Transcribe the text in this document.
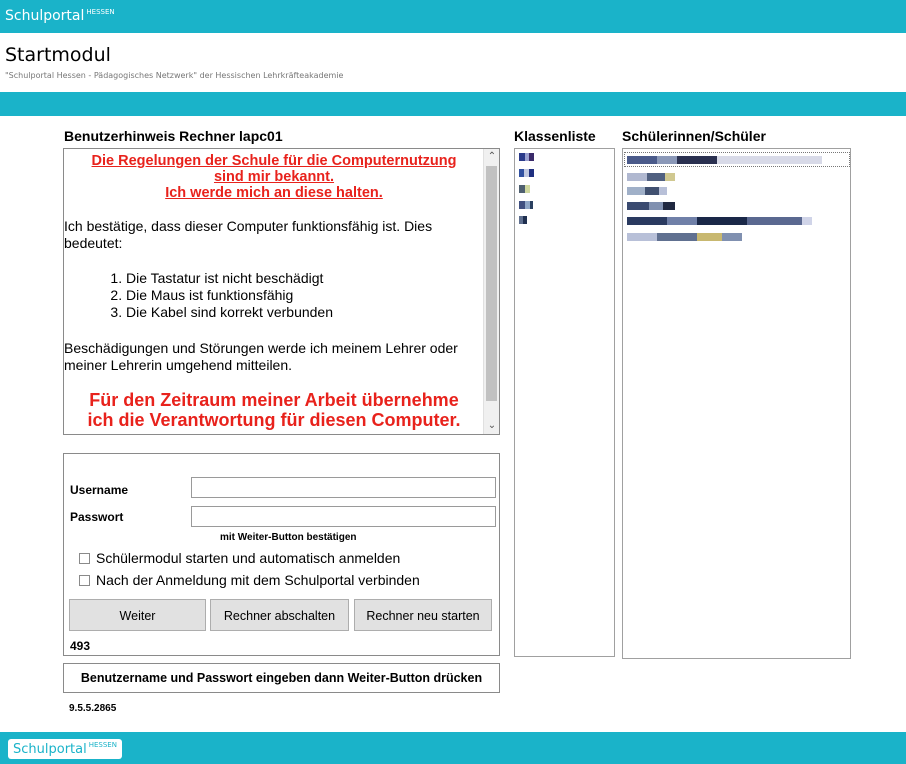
Schulportal $^{HESSEN}$
Startmodul
"Schulportal Hessen - Pädagogisches Netzwerk" der Hessischen Lehrkräfteakademie
Benutzerhinweis Rechner lapc01
Die Regelungen der Schule für die Computernutzung
sind mir bekannt.
Ich werde mich an diese halten.
Ich bestätige, dass dieser Computer funktionsfähig ist. Dies bedeutet:
1. Die Tastatur ist nicht beschädigt
2. Die Maus ist funktionsfähig
3. Die Kabel sind korrekt verbunden
Beschädigungen und Störungen werde ich meinem Lehrer oder meiner Lehrerin umgehend mitteilen.
Für den Zeitraum meiner Arbeit übernehme
ich die Verantwortung für diesen Computer.
⌃
⌄
Username
Passwort
mit Weiter-Button bestätigen
Schülermodul starten und automatisch anmelden
Nach der Anmeldung mit dem Schulportal verbinden
Weiter	Rechner abschalten	Rechner neu starten
493
Benutzername und Passwort eingeben dann Weiter-Button drücken
9.5.5.2865
Klassenliste Schülerinnen/Schüler
Schulportal $^{HESSEN}$
